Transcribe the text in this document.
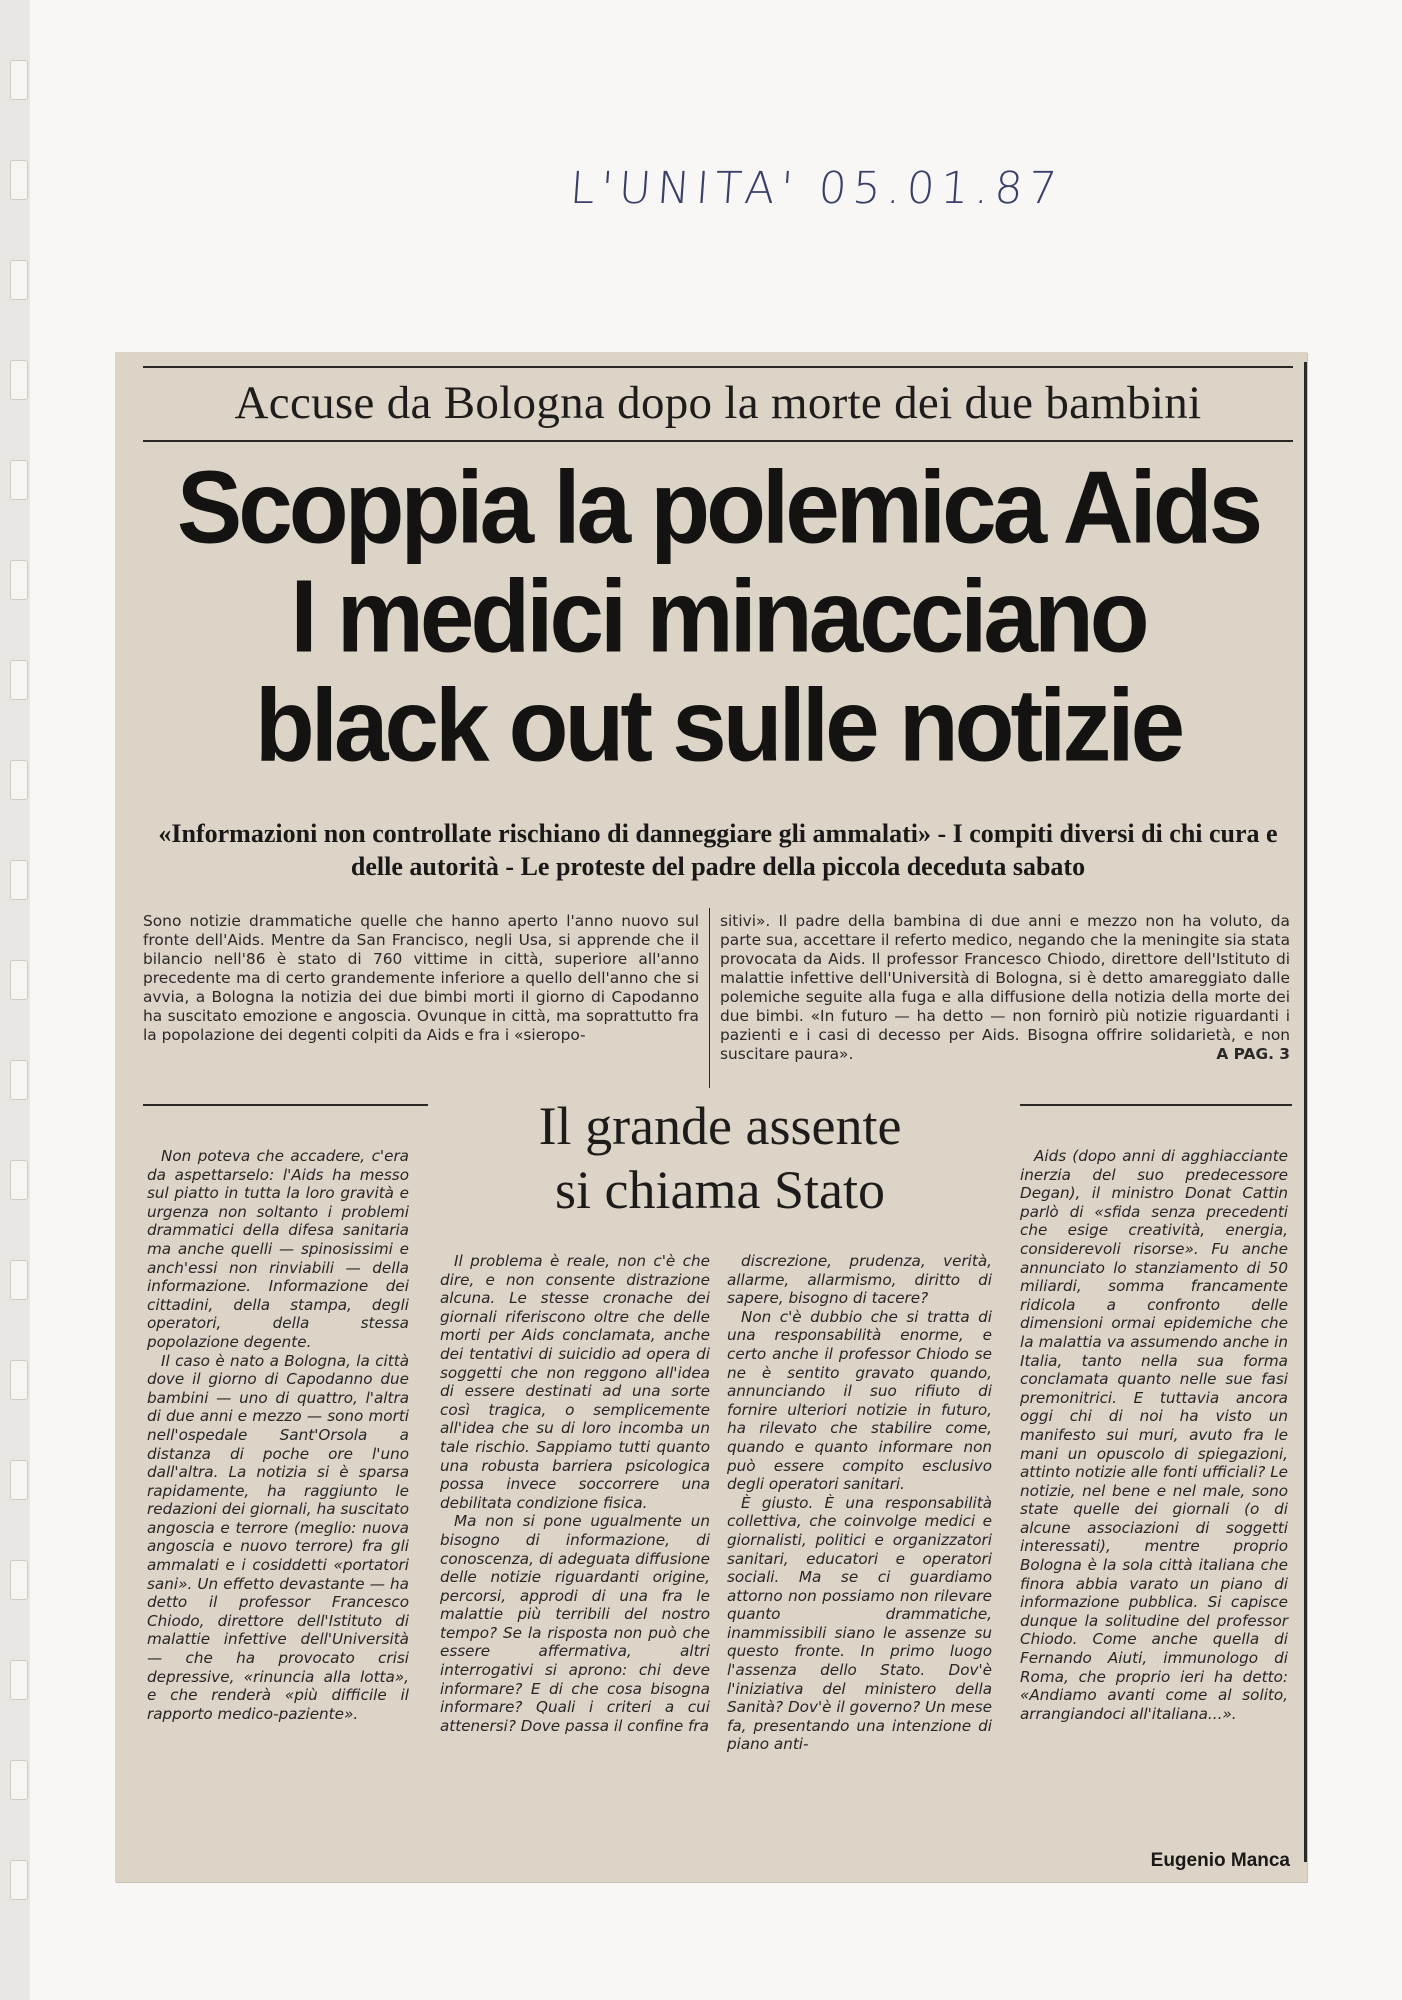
L'UNITA' 05.01.87
Accuse da Bologna dopo la morte dei due bambini
Scoppia la polemica Aids
I medici minacciano
black out sulle notizie
«Informazioni non controllate rischiano di danneggiare gli ammalati» - I compiti diversi di chi cura e delle autorità - Le proteste del padre della piccola deceduta sabato
Sono notizie drammatiche quelle che hanno aperto l'anno nuovo sul fronte dell'Aids. Mentre da San Francisco, negli Usa, si apprende che il bilancio nell'86 è stato di 760 vittime in città, superiore all'anno precedente ma di certo grandemente inferiore a quello dell'anno che si avvia, a Bologna la notizia dei due bimbi morti il giorno di Capodanno ha suscitato emozione e angoscia. Ovunque in città, ma soprattutto fra la popolazione dei degenti colpiti da Aids e fra i «sieropo-
sitivi». Il padre della bambina di due anni e mezzo non ha voluto, da parte sua, accettare il referto medico, negando che la meningite sia stata provocata da Aids. Il professor Francesco Chiodo, direttore dell'Istituto di malattie infettive dell'Università di Bologna, si è detto amareggiato dalle polemiche seguite alla fuga e alla diffusione della notizia della morte dei due bimbi. «In futuro — ha detto — non fornirò più notizie riguardanti i pazienti e i casi di decesso per Aids. Bisogna offrire solidarietà, e non suscitare paura».	A PAG. 3
Il grande assente
si chiama Stato

Non poteva che accadere, c'era da aspettarselo: l'Aids ha messo sul piatto in tutta la loro gravità e urgenza non soltanto i problemi drammatici della difesa sanitaria ma anche quelli — spinosissimi e anch'essi non rinviabili — della informazione. Informazione dei cittadini, della stampa, degli operatori, della stessa popolazione degente.

Il caso è nato a Bologna, la città dove il giorno di Capodanno due bambini — uno di quattro, l'altra di due anni e mezzo — sono morti nell'ospedale Sant'Orsola a distanza di poche ore l'uno dall'altra. La notizia si è sparsa rapidamente, ha raggiunto le redazioni dei giornali, ha suscitato angoscia e terrore (meglio: nuova angoscia e nuovo terrore) fra gli ammalati e i cosiddetti «portatori sani». Un effetto devastante — ha detto il professor Francesco Chiodo, direttore dell'Istituto di malattie infettive dell'Università — che ha provocato crisi depressive, «rinuncia alla lotta», e che renderà «più difficile il rapporto medico-paziente».

Il problema è reale, non c'è che dire, e non consente distrazione alcuna. Le stesse cronache dei giornali riferiscono oltre che delle morti per Aids conclamata, anche dei tentativi di suicidio ad opera di soggetti che non reggono all'idea di essere destinati ad una sorte così tragica, o semplicemente all'idea che su di loro incomba un tale rischio. Sappiamo tutti quanto una robusta barriera psicologica possa invece soccorrere una debilitata condizione fisica.

Ma non si pone ugualmente un bisogno di informazione, di conoscenza, di adeguata diffusione delle notizie riguardanti origine, percorsi, approdi di una fra le malattie più terribili del nostro tempo? Se la risposta non può che essere affermativa, altri interrogativi si aprono: chi deve informare? E di che cosa bisogna informare? Quali i criteri a cui attenersi? Dove passa il confine fra

discrezione, prudenza, verità, allarme, allarmismo, diritto di sapere, bisogno di tacere?

Non c'è dubbio che si tratta di una responsabilità enorme, e certo anche il professor Chiodo se ne è sentito gravato quando, annunciando il suo rifiuto di fornire ulteriori notizie in futuro, ha rilevato che stabilire come, quando e quanto informare non può essere compito esclusivo degli operatori sanitari.

È giusto. È una responsabilità collettiva, che coinvolge medici e giornalisti, politici e organizzatori sanitari, educatori e operatori sociali. Ma se ci guardiamo attorno non possiamo non rilevare quanto drammatiche, inammissibili siano le assenze su questo fronte. In primo luogo l'assenza dello Stato. Dov'è l'iniziativa del ministero della Sanità? Dov'è il governo? Un mese fa, presentando una intenzione di piano anti-

Aids (dopo anni di agghiacciante inerzia del suo predecessore Degan), il ministro Donat Cattin parlò di «sfida senza precedenti che esige creatività, energia, considerevoli risorse». Fu anche annunciato lo stanziamento di 50 miliardi, somma francamente ridicola a confronto delle dimensioni ormai epidemiche che la malattia va assumendo anche in Italia, tanto nella sua forma conclamata quanto nelle sue fasi premonitrici. E tuttavia ancora oggi chi di noi ha visto un manifesto sui muri, avuto fra le mani un opuscolo di spiegazioni, attinto notizie alle fonti ufficiali? Le notizie, nel bene e nel male, sono state quelle dei giornali (o di alcune associazioni di soggetti interessati), mentre proprio Bologna è la sola città italiana che finora abbia varato un piano di informazione pubblica. Si capisce dunque la solitudine del professor Chiodo. Come anche quella di Fernando Aiuti, immunologo di Roma, che proprio ieri ha detto: «Andiamo avanti come al solito, arrangiandoci all'italiana...».

Eugenio Manca
